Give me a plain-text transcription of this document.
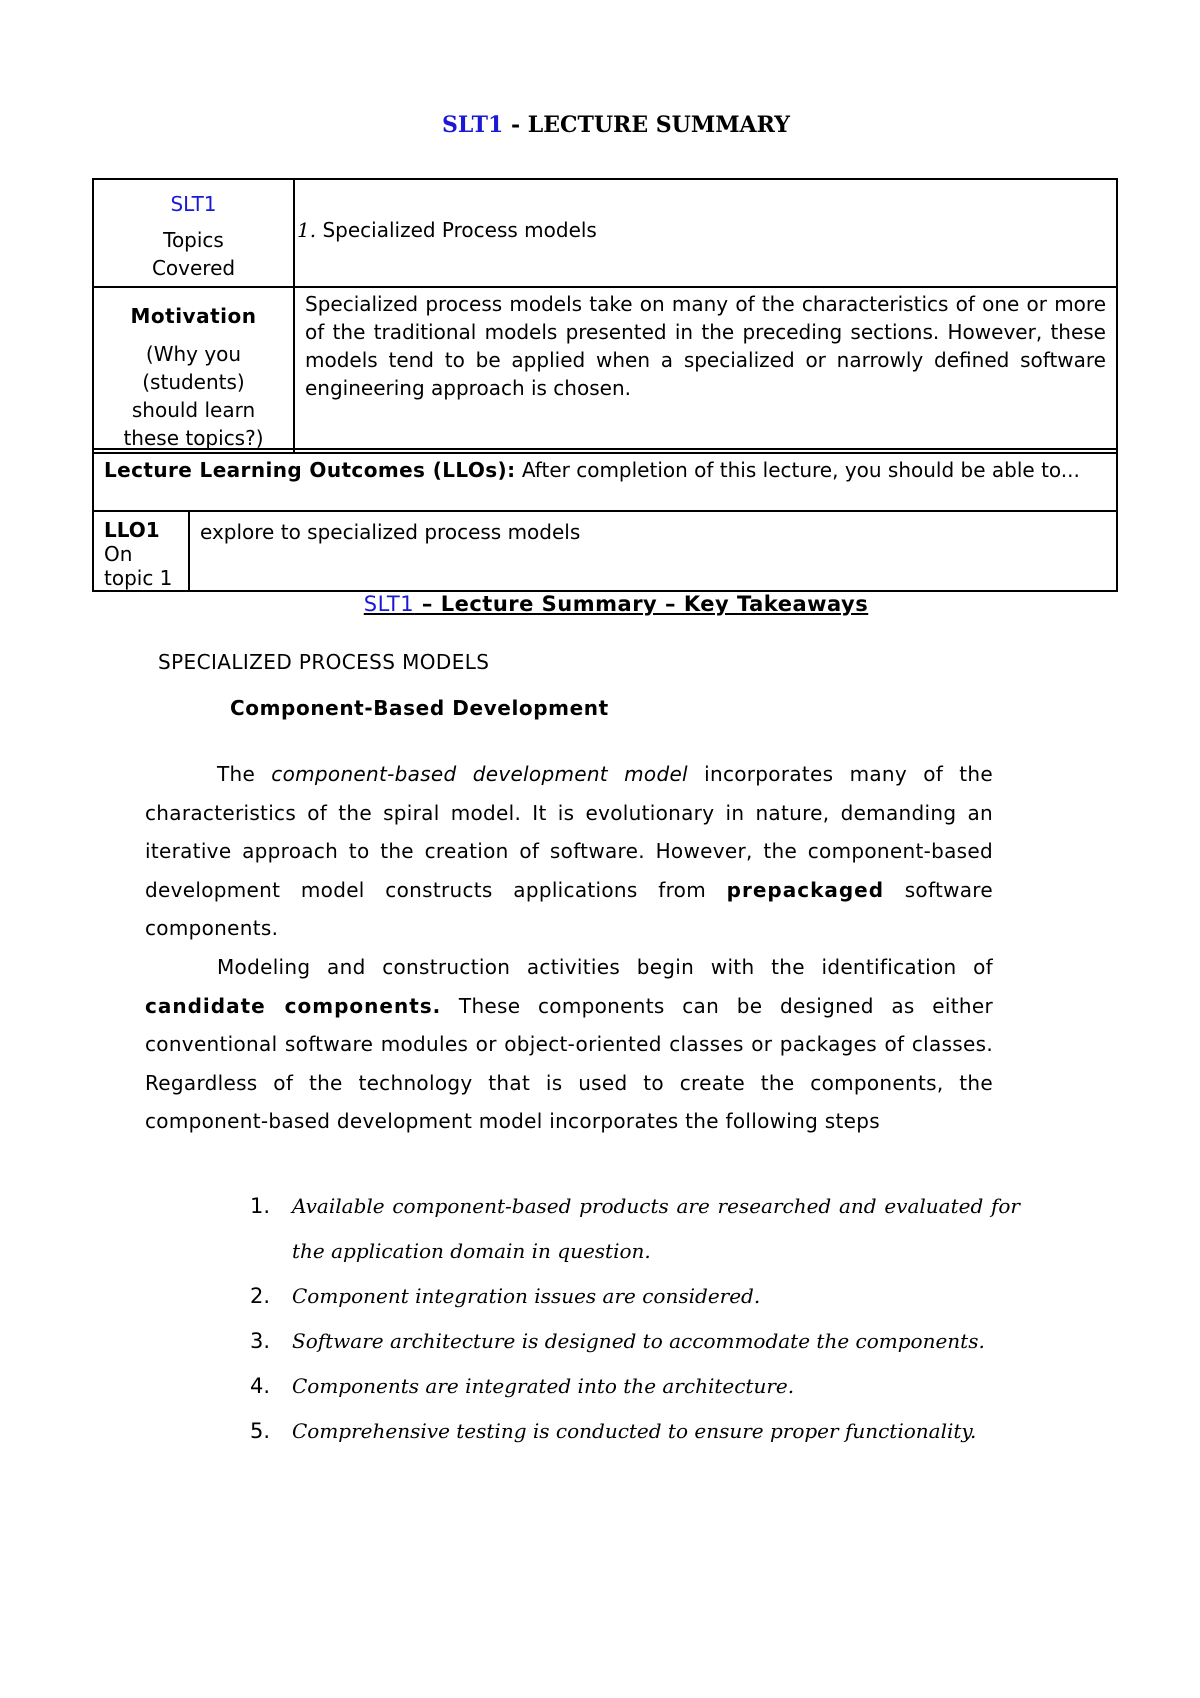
SLT1 - LECTURE SUMMARY
SLT1
Topics
Covered	1. Specialized Process models

Motivation
(Why you (students) should learn these topics?)	Specialized process models take on many of the characteristics of one or more of the traditional models presented in the preceding sections. However, these models tend to be applied when a specialized or narrowly defined software engineering approach is chosen.
Lecture Learning Outcomes (LLOs): After completion of this lecture, you should be able to...

LLO1
On
topic 1
	explore to specialized process models
SLT1 – Lecture Summary – Key Takeaways
SPECIALIZED PROCESS MODELS
Component-Based Development
The component-based development model incorporates many of the characteristics of the spiral model. It is evolutionary in nature, demanding an iterative approach to the creation of software. However, the component-based development model constructs applications from prepackaged software components.
Modeling and construction activities begin with the identification of candidate components. These components can be designed as either conventional software modules or object-oriented classes or packages of classes. Regardless of the technology that is used to create the components, the component-based development model incorporates the following steps
1. Available component-based products are researched and evaluated for the application domain in question.
2. Component integration issues are considered.
3. Software architecture is designed to accommodate the components.
4. Components are integrated into the architecture.
5. Comprehensive testing is conducted to ensure proper functionality.
